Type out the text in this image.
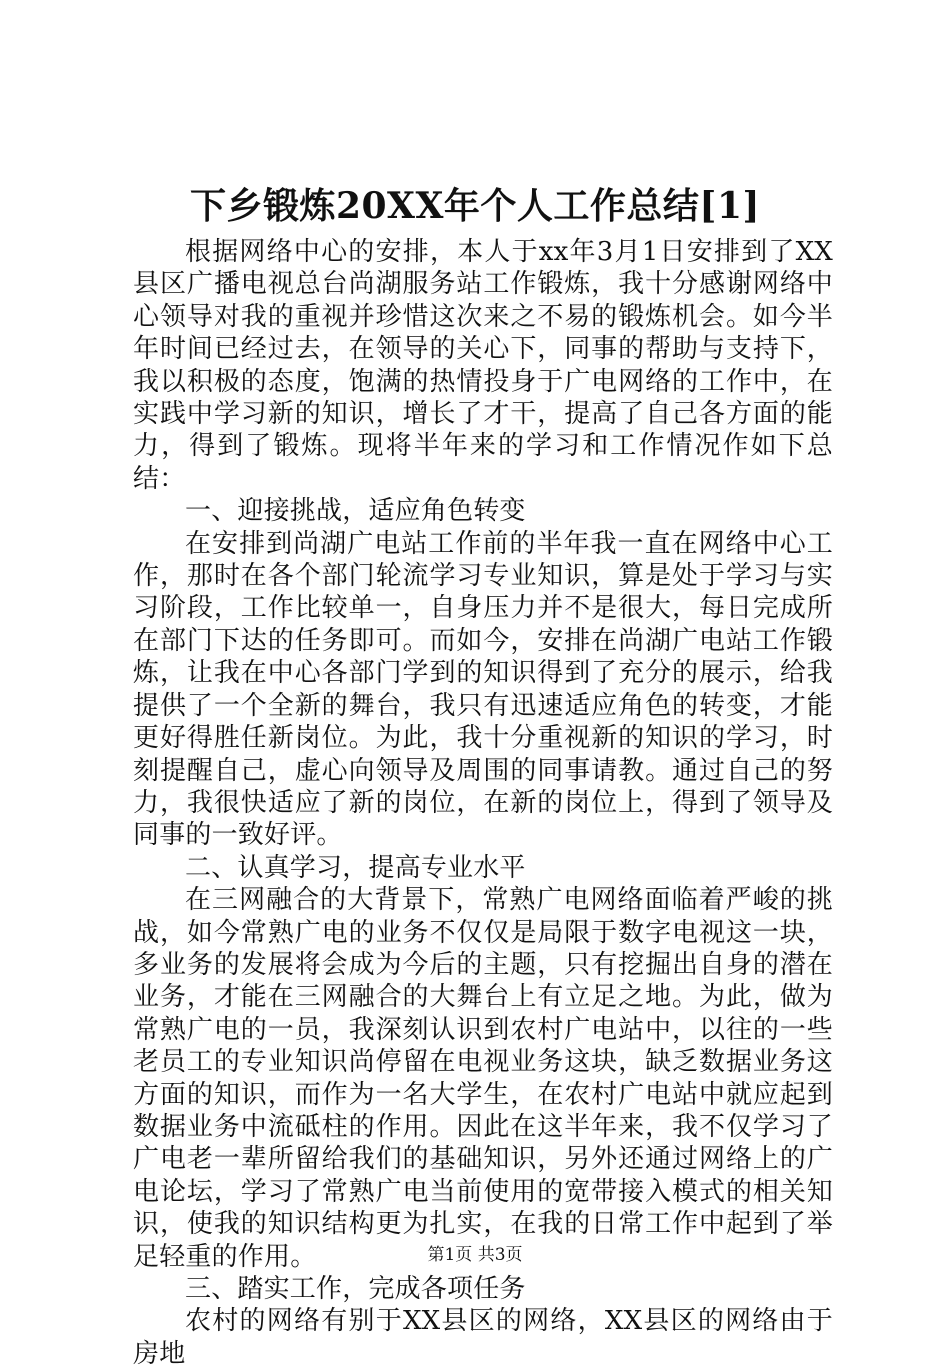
下乡锻炼20XX年个人工作总结[1]

根据网络中心的安排，本人于xx年3月1日安排到了XX县区广播电视总台尚湖服务站工作锻炼，我十分感谢网络中心领导对我的重视并珍惜这次来之不易的锻炼机会。如今半年时间已经过去，在领导的关心下，同事的帮助与支持下，我以积极的态度，饱满的热情投身于广电网络的工作中，在实践中学习新的知识，增长了才干，提高了自己各方面的能力，得到了锻炼。现将半年来的学习和工作情况作如下总结：

一、迎接挑战，适应角色转变

在安排到尚湖广电站工作前的半年我一直在网络中心工作，那时在各个部门轮流学习专业知识，算是处于学习与实习阶段，工作比较单一，自身压力并不是很大，每日完成所在部门下达的任务即可。而如今，安排在尚湖广电站工作锻炼，让我在中心各部门学到的知识得到了充分的展示，给我提供了一个全新的舞台，我只有迅速适应角色的转变，才能更好得胜任新岗位。为此，我十分重视新的知识的学习，时刻提醒自己，虚心向领导及周围的同事请教。通过自己的努力，我很快适应了新的岗位，在新的岗位上，得到了领导及同事的一致好评。

二、认真学习，提高专业水平

在三网融合的大背景下，常熟广电网络面临着严峻的挑战，如今常熟广电的业务不仅仅是局限于数字电视这一块，多业务的发展将会成为今后的主题，只有挖掘出自身的潜在业务，才能在三网融合的大舞台上有立足之地。为此，做为常熟广电的一员，我深刻认识到农村广电站中，以往的一些老员工的专业知识尚停留在电视业务这块，缺乏数据业务这方面的知识，而作为一名大学生，在农村广电站中就应起到数据业务中流砥柱的作用。因此在这半年来，我不仅学习了广电老一辈所留给我们的基础知识，另外还通过网络上的广电论坛，学习了常熟广电当前使用的宽带接入模式的相关知识，使我的知识结构更为扎实，在我的日常工作中起到了举足轻重的作用。

三、踏实工作，完成各项任务

农村的网络有别于XX县区的网络，XX县区的网络由于房地

第1页 共3页
